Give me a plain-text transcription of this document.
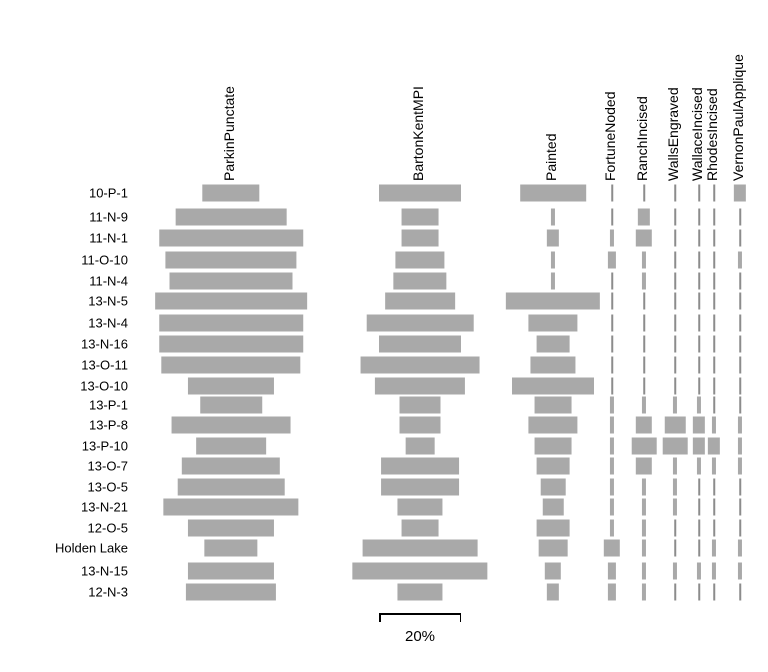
ParkinPunctate	BartonKentMPI	Painted	FortuneNoded RanchIncised WallsEngraved WallaceIncised RhodesIncised VernonPaulApplique
10-P-1
11-N-9
11-N-1
11-O-10
11-N-4
13-N-5
13-N-4
13-N-16
13-O-11
13-O-10
13-P-1
13-P-8
13-P-10
13-O-7
13-O-5
13-N-21
12-O-5
Holden Lake
13-N-15
12-N-3
20%
